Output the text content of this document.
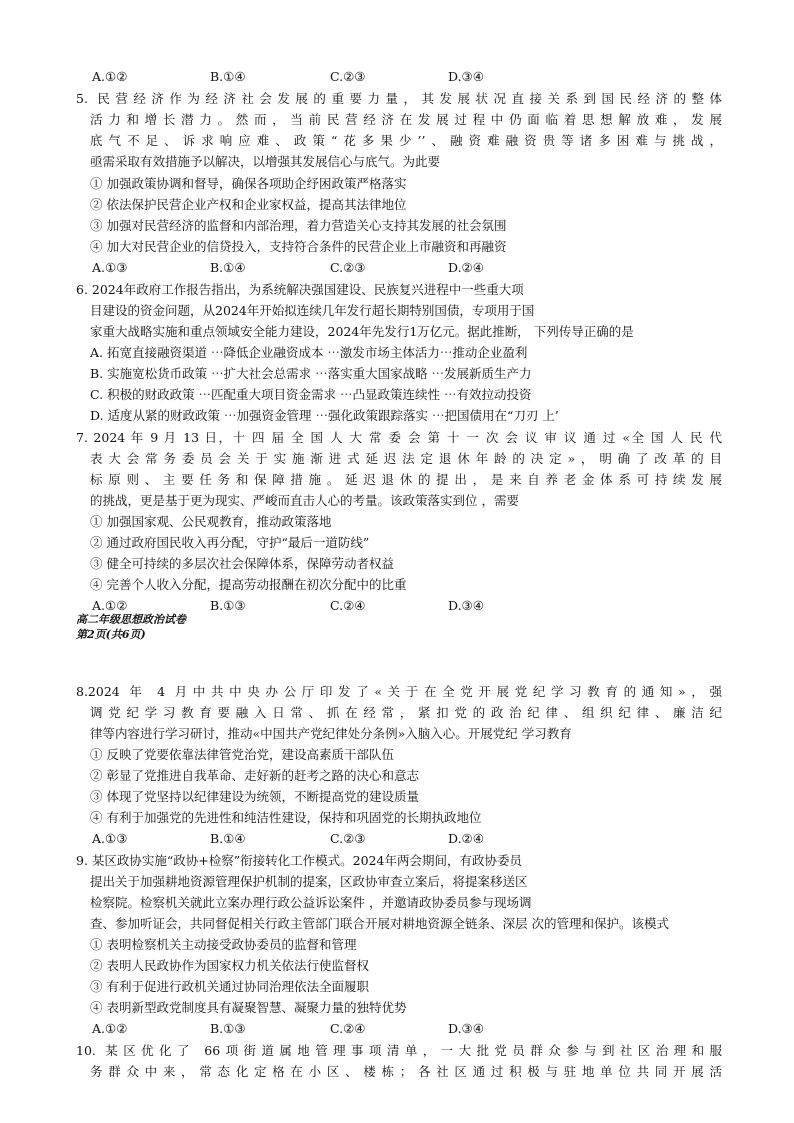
A.①②	B.①④	C.②③	D.③④
5. 民营经济作为经济社会发展的重要力量，其发展状况直接关系到国民经济的整体
活力和增长潜力。然而，当前民营经济在发展过程中仍面临着思想解放难，发展
底气不足、诉求响应难、政策“花多果少’’、融资难融资贵等诸多困难与挑战，
亟需采取有效措施予以解决，以增强其发展信心与底气。为此要
① 加强政策协调和督导，确保各项助企纾困政策严格落实
② 依法保护民营企业产权和企业家权益，提高其法律地位
③ 加强对民营经济的监督和内部治理，着力营造关心支持其发展的社会氛围
④ 加大对民营企业的信贷投入，支持符合条件的民营企业上市融资和再融资
A.①③	B.①④	C.②③	D.②④
6. 2024年政府工作报告指出，为系统解决强国建设、民族复兴进程中一些重大项
目建设的资金问题，从2024年开始拟连续几年发行超长期特别国债，专项用于国
家重大战略实施和重点领域安全能力建设，2024年先发行1万亿元。据此推断， 下列传导正确的是
A. 拓宽直接融资渠道 ⋯降低企业融资成本 ⋯激发市场主体活力⋯推动企业盈利
B. 实施宽松货币政策 ⋯扩大社会总需求 ⋯落实重大国家战略 ⋯发展新质生产力
C. 积极的财政政策 ⋯匹配重大项目资金需求 ⋯凸显政策连续性 ⋯有效拉动投资
D. 适度从紧的财政政策 ⋯加强资金管理 ⋯强化政策跟踪落实 ⋯把国债用在“刀刃 上’
7. 2024 年 9 月 13 日，十 四 届 全 国 人 大 常 委 会 第 十 一 次 会 议 审 议 通 过 «全 国 人 民 代
表大会常务委员会关于实施渐进式延迟法定退休年龄的决定»，明确了改革的目
标原则、主要任务和保障措施。延迟退休的提出，是来自养老金体系可持续发展
的挑战，更是基于更为现实、严峻而直击人心的考量。该政策落实到位 ，需要
① 加强国家观、公民观教育，推动政策落地
② 通过政府国民收入再分配，守护“最后一道防线”
③ 健全可持续的多层次社会保障体系，保障劳动者权益
④ 完善个人收入分配，提高劳动报酬在初次分配中的比重
A.①②	B.①③	C.②④	D.③④
高二年级思想政治试卷
第2页(共6页)
8.2024 年 4 月中共中央办公厅印发了«关于在全党开展党纪学习教育的通知»，强
调党纪学习教育要融入日常、抓在经常，紧扣党的政治纪律、组织纪律、廉洁纪
律等内容进行学习研讨，推动«中国共产党纪律处分条例»入脑入心。开展党纪 学习教育
① 反映了党要依靠法律管党治党，建设高素质干部队伍
② 彰显了党推进自我革命、走好新的赶考之路的决心和意志
③ 体现了党坚持以纪律建设为统领，不断提高党的建设质量
④ 有利于加强党的先进性和纯洁性建设，保持和巩固党的长期执政地位
A.①③	B.①④	C.②③	D.②④
9. 某区政协实施“政协+检察”衔接转化工作模式。2024年两会期间，有政协委员
提出关于加强耕地资源管理保护机制的提案，区政协审查立案后，将提案移送区
检察院。检察机关就此立案办理行政公益诉讼案件 ，并邀请政协委员参与现场调
查、参加听证会，共同督促相关行政主管部门联合开展对耕地资源全链条、深层 次的管理和保护。该模式
① 表明检察机关主动接受政协委员的监督和管理
② 表明人民政协作为国家权力机关依法行使监督权
③ 有利于促进行政机关通过协同治理依法全面履职
④ 表明新型政党制度具有凝聚智慧、凝聚力量的独特优势
A.①②	B.①③	C.②④	D.③④
10. 某区优化了 66项街道属地管理事项清单，一大批党员群众参与到社区治理和服
务群众中来，常态化定格在小区、楼栋；各社区通过积极与驻地单位共同开展活
